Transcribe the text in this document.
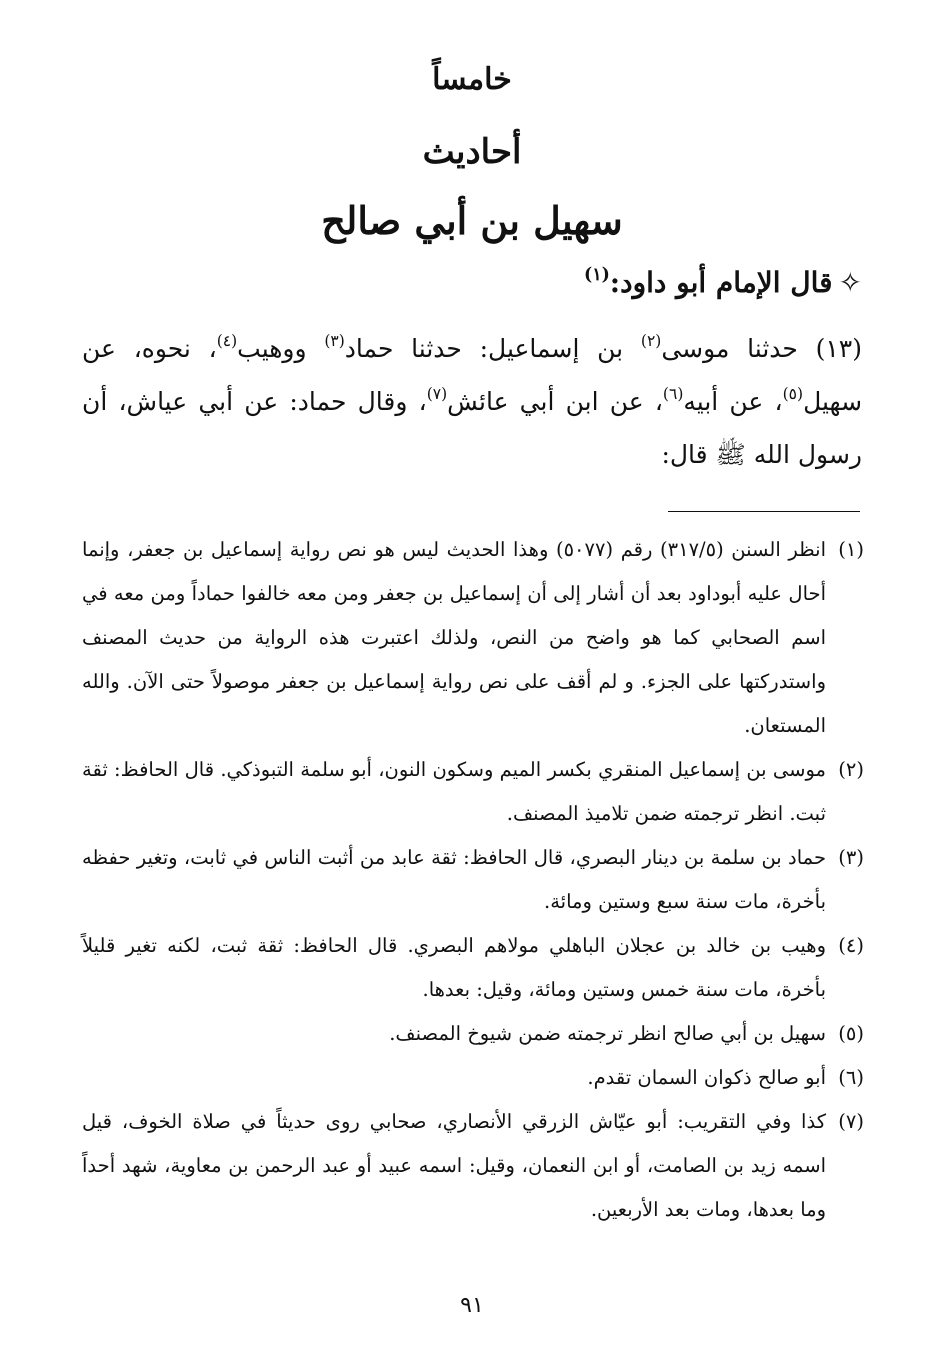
خامساً
أحاديث
سهيل بن أبي صالح
✧قال الإمام أبو داود:$^{(١)}$
(١٣) حدثنا موسى$^{(٢)}$ بن إسماعيل: حدثنا حماد$^{(٣)}$ ووهيب$^{(٤)}$، نحوه، عن سهيل$^{(٥)}$، عن أبيه$^{(٦)}$، عن ابن أبي عائش$^{(٧)}$، وقال حماد: عن أبي عياش، أن رسول الله ﷺ قال:
(١)
انظر السنن (٣١٧/٥) رقم (٥٠٧٧) وهذا الحديث ليس هو نص رواية إسماعيل بن جعفر، وإنما أحال عليه أبوداود بعد أن أشار إلى أن إسماعيل بن جعفر ومن معه خالفوا حماداً ومن معه في اسم الصحابي كما هو واضح من النص، ولذلك اعتبرت هذه الرواية من حديث المصنف واستدركتها على الجزء. و لم أقف على نص رواية إسماعيل بن جعفر موصولاً حتى الآن. والله المستعان.
(٢)
موسى بن إسماعيل المنقري بكسر الميم وسكون النون، أبو سلمة التبوذكي. قال الحافظ: ثقة ثبت. انظر ترجمته ضمن تلاميذ المصنف.
(٣)
حماد بن سلمة بن دينار البصري، قال الحافظ: ثقة عابد من أثبت الناس في ثابت، وتغير حفظه بأخرة، مات سنة سبع وستين ومائة.
(٤)
وهيب بن خالد بن عجلان الباهلي مولاهم البصري. قال الحافظ: ثقة ثبت، لكنه تغير قليلاً بأخرة، مات سنة خمس وستين ومائة، وقيل: بعدها.
(٥)
سهيل بن أبي صالح انظر ترجمته ضمن شيوخ المصنف.
(٦)
أبو صالح ذكوان السمان تقدم.
(٧)
كذا وفي التقريب: أبو عيّاش الزرقي الأنصاري، صحابي روى حديثاً في صلاة الخوف، قيل اسمه زيد بن الصامت، أو ابن النعمان، وقيل: اسمه عبيد أو عبد الرحمن بن معاوية، شهد أحداً وما بعدها، ومات بعد الأربعين.
٩١
